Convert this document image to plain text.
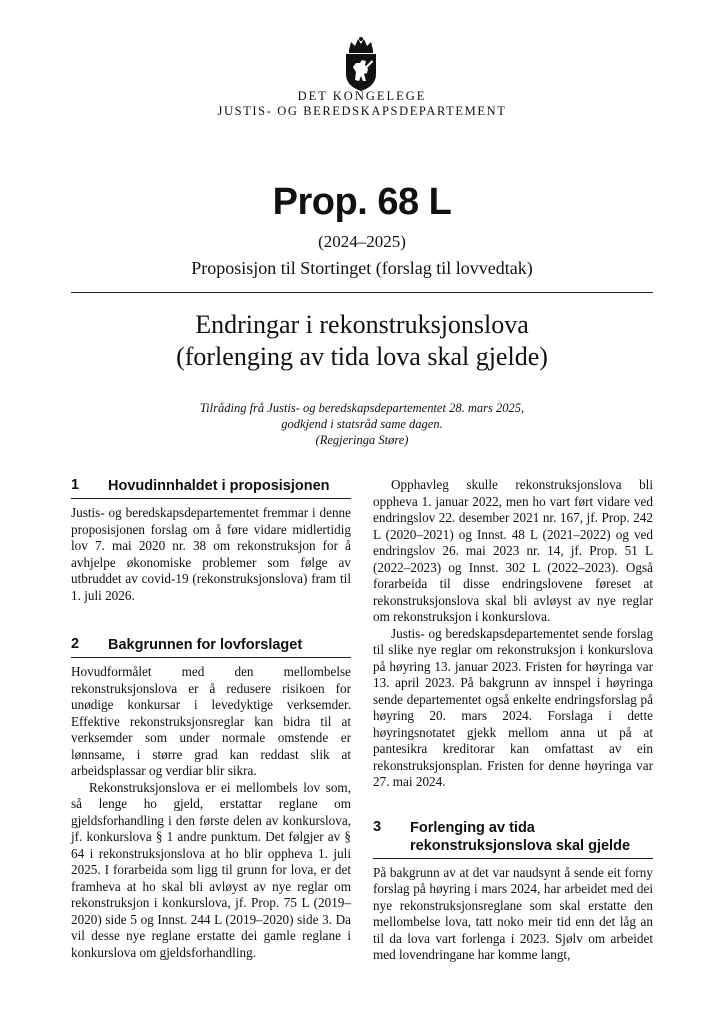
DET KONGELEGE
JUSTIS- OG BEREDSKAPSDEPARTEMENT
Prop. 68 L
(2024–2025)
Proposisjon til Stortinget (forslag til lovvedtak)
Endringar i rekonstruksjonslova
(forlenging av tida lova skal gjelde)
Tilråding frå Justis- og beredskapsdepartementet 28. mars 2025,
godkjend i statsråd same dagen.
(Regjeringa Støre)
1 Hovudinnhaldet i proposisjonen

Justis- og beredskapsdepartementet fremmar i denne proposisjonen forslag om å føre vidare midlertidig lov 7. mai 2020 nr. 38 om rekonstruksjon for å avhjelpe økonomiske problemer som følge av utbruddet av covid-19 (rekonstruksjonslova) fram til 1. juli 2026.

2 Bakgrunnen for lovforslaget

Hovudformålet med den mellombelse rekonstruksjonslova er å redusere risikoen for unødige konkursar i levedyktige verksemder. Effektive rekonstruksjonsreglar kan bidra til at verksemder som under normale omstende er lønnsame, i større grad kan reddast slik at arbeidsplassar og verdiar blir sikra.

Rekonstruksjonslova er ei mellombels lov som, så lenge ho gjeld, erstattar reglane om gjeldsforhandling i den første delen av konkurslova, jf. konkurslova § 1 andre punktum. Det følgjer av § 64 i rekonstruksjonslova at ho blir oppheva 1. juli 2025. I forarbeida som ligg til grunn for lova, er det framheva at ho skal bli avløyst av nye reglar om rekonstruksjon i konkurslova, jf. Prop. 75 L (2019–2020) side 5 og Innst. 244 L (2019–2020) side 3. Da vil desse nye reglane erstatte dei gamle reglane i konkurslova om gjeldsforhandling.

Opphavleg skulle rekonstruksjonslova bli oppheva 1. januar 2022, men ho vart ført vidare ved endringslov 22. desember 2021 nr. 167, jf. Prop. 242 L (2020–2021) og Innst. 48 L (2021–2022) og ved endringslov 26. mai 2023 nr. 14, jf. Prop. 51 L (2022–2023) og Innst. 302 L (2022–2023). Også forarbeida til disse endringslovene føreset at rekonstruksjonslova skal bli avløyst av nye reglar om rekonstruksjon i konkurslova.

Justis- og beredskapsdepartementet sende forslag til slike nye reglar om rekonstruksjon i konkurslova på høyring 13. januar 2023. Fristen for høyringa var 13. april 2023. På bakgrunn av innspel i høyringa sende departementet også enkelte endringsforslag på høyring 20. mars 2024. Forslaga i dette høyringsnotatet gjekk mellom anna ut på at pantesikra kreditorar kan omfattast av ein rekonstruksjonsplan. Fristen for denne høyringa var 27. mai 2024.

3 Forlenging av tida
rekonstruksjonslova skal gjelde

På bakgrunn av at det var naudsynt å sende eit forny forslag på høyring i mars 2024, har arbeidet med dei nye rekonstruksjonsreglane som skal erstatte den mellombelse lova, tatt noko meir tid enn det låg an til da lova vart forlenga i 2023. Sjølv om arbeidet med lovendringane har komme langt,
